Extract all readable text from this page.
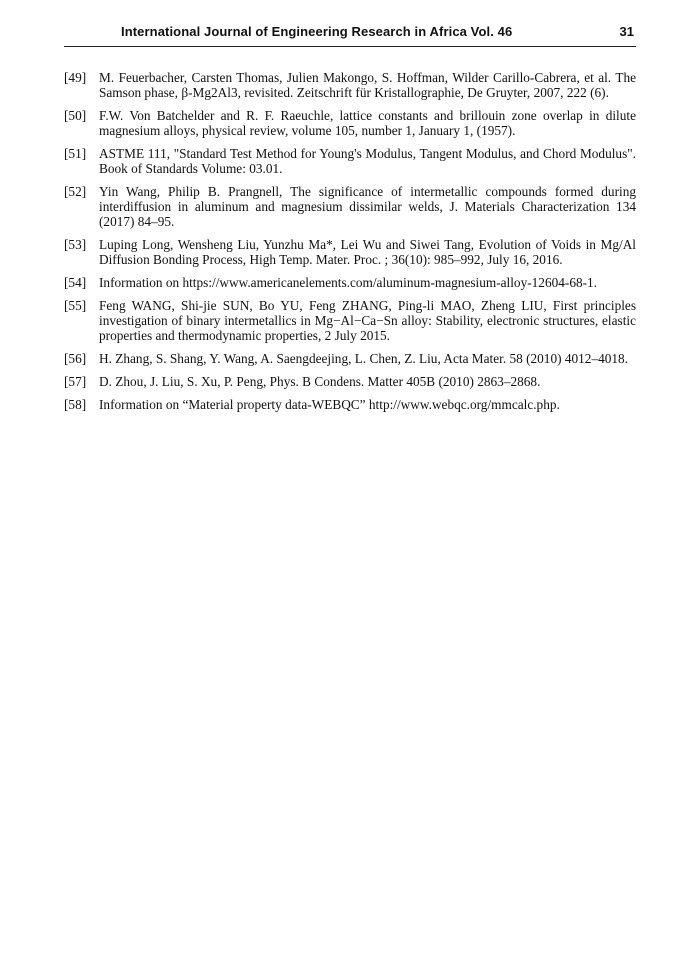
International Journal of Engineering Research in Africa Vol. 46	31
[49] M. Feuerbacher, Carsten Thomas, Julien Makongo, S. Hoffman, Wilder Carillo-Cabrera, et al. The Samson phase, β-Mg2Al3, revisited. Zeitschrift für Kristallographie, De Gruyter, 2007, 222 (6).
[50] F.W. Von Batchelder and R. F. Raeuchle, lattice constants and brillouin zone overlap in dilute magnesium alloys, physical review, volume 105, number 1, January 1, (1957).
[51] ASTME 111, "Standard Test Method for Young's Modulus, Tangent Modulus, and Chord Modulus". Book of Standards Volume: 03.01.
[52] Yin Wang, Philip B. Prangnell, The significance of intermetallic compounds formed during interdiffusion in aluminum and magnesium dissimilar welds, J. Materials Characterization 134 (2017) 84–95.
[53] Luping Long, Wensheng Liu, Yunzhu Ma*, Lei Wu and Siwei Tang, Evolution of Voids in Mg/Al Diffusion Bonding Process, High Temp. Mater. Proc. ; 36(10): 985–992, July 16, 2016.
[54] Information on https://www.americanelements.com/aluminum-magnesium-alloy-12604-68-1.
[55] Feng WANG, Shi-jie SUN, Bo YU, Feng ZHANG, Ping-li MAO, Zheng LIU, First principles investigation of binary intermetallics in Mg−Al−Ca−Sn alloy: Stability, electronic structures, elastic properties and thermodynamic properties, 2 July 2015.
[56] H. Zhang, S. Shang, Y. Wang, A. Saengdeejing, L. Chen, Z. Liu, Acta Mater. 58 (2010) 4012–4018.
[57] D. Zhou, J. Liu, S. Xu, P. Peng, Phys. B Condens. Matter 405B (2010) 2863–2868.
[58] Information on “Material property data-WEBQC” http://www.webqc.org/mmcalc.php.
